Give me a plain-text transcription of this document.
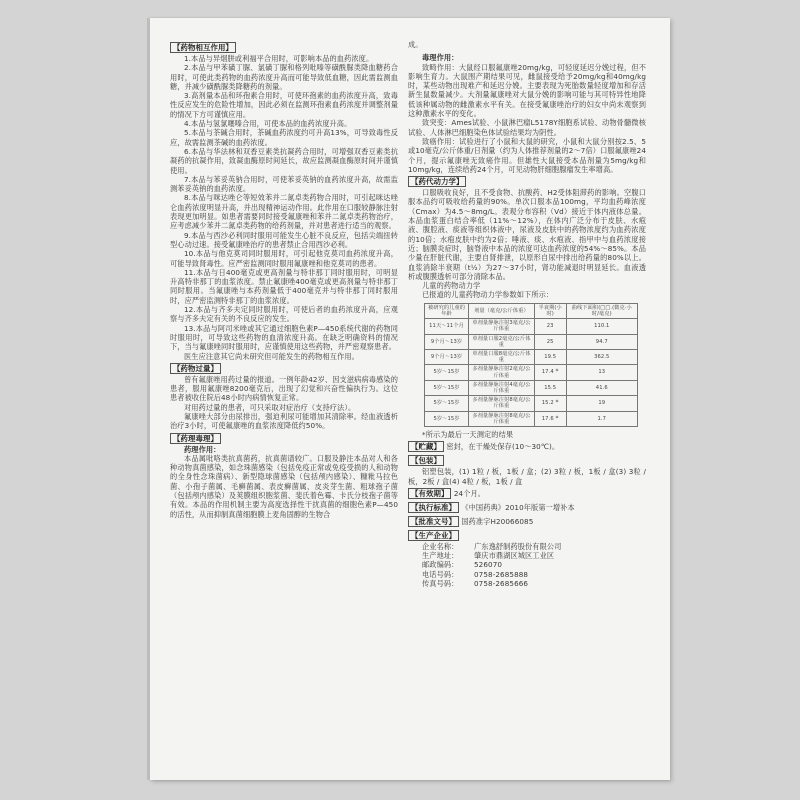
【药物相互作用】

1.本品与异烟肼或利福平合用时，可影响本品的血药浓度。

2.本品与甲苯磺丁脲、氯磺丁脲和格列吡嗪等磺酰脲类降血糖药合用时，可使此类药物的血药浓度升高而可能导致低血糖，因此需监测血糖，并减少磺酰脲类降糖药的剂量。

3.高剂量本品和环孢素合用时，可使环孢素的血药浓度升高，致毒性反应发生的危险性增加，因此必须在监测环孢素血药浓度并调整剂量的情况下方可谨慎应用。

4.本品与氢氯噻嗪合用，可使本品的血药浓度升高。

5.本品与茶碱合用时，茶碱血药浓度约可升高13%，可导致毒性反应，故需监测茶碱的血药浓度。

6.本品与华法林和双香豆素类抗凝药合用时，可增强双香豆素类抗凝药的抗凝作用，致凝血酶原时间延长，故应监测凝血酶原时间并谨慎使用。

7.本品与苯妥英钠合用时，可使苯妥英钠的血药浓度升高，故需监测苯妥英钠的血药浓度。

8.本品与咪达唑仑等短效苯并二氮卓类药物合用时，可引起咪达唑仑血药浓度明显升高，并出现精神运动作用。此作用在口服较静脉注射表现更加明显。如患者需要同时接受氟康唑和苯并二氮卓类药物治疗，应考虑减少苯并二氮卓类药物的给药剂量，并对患者进行适当的观察。

9.本品与西沙必利同时服用可能发生心脏不良反应，包括尖端扭转型心动过速。接受氟康唑治疗的患者禁止合用西沙必利。

10.本品与他克莫司同时服用时，可引起他克莫司血药浓度升高，可能导致肾毒性。应严密监测同时服用氟康唑和他克莫司的患者。

11.本品与日400毫克或更高剂量与特非那丁同时服用时，可明显升高特非那丁的血浆浓度。禁止氟康唑400毫克或更高剂量与特非那丁同时服用。当氟康唑与本药剂量低于400毫克并与特非那丁同时服用时，应严密监测特非那丁的血浆浓度。

12.本品与齐多夫定同时服用时，可使后者的血药浓度升高，应观察与齐多夫定有关的不良反应的发生。

13.本品与阿司米唑或其它通过细胞色素P—450系统代谢的药物同时服用时，可导致这些药物的血清浓度升高。在缺乏明确资料的情况下，当与氟康唑同时服用时，应谨慎使用这些药物，并严密观察患者。

医生应注意其它尚未研究但可能发生的药物相互作用。

【药物过量】

曾有氟康唑用药过量的报道。一例年龄42岁、因支滋病病毒感染的患者，服用氟康唑8200毫克后，出现了幻觉和兴奋性偏执行为。这位患者被收住院后48小时内病情恢复正常。

对用药过量的患者，可只采取对症治疗（支持疗法）。

氟康唑大部分由尿排出，强迫利尿可能增加其清除率。经血液透析治疗3小时，可使氟康唑的血浆浓度降低约50%。

【药理毒理】
药理作用：

本品属吡咯类抗真菌药，抗真菌谱较广。口服及静注本品对人和各种动物真菌感染，如念珠菌感染（包括免疫正常或免疫受损的人和动物的全身性念珠菌病）、新型隐球菌感染（包括颅内感染）、糠粃马拉色菌、小孢子菌属、毛癣菌属、表皮癣菌属、皮炎芽生菌、粗球孢子菌（包括颅内感染）及荚膜组织胞浆菌、斐氏着色霉、卡氏分枝孢子菌等有效。本品的作用机制主要为高度选择性干扰真菌的细胞色素P—450的活性，从而抑制真菌细胞膜上麦角固醇的生物合

成。

毒理作用：

致畸作用：大鼠经口服氟康唑20mg/kg，可轻度延迟分娩过程，但不影响生育力。大鼠围产期结果可见，雌鼠接受给予20mg/kg和40mg/kg时，某些动物出现难产和延迟分娩。主要表现为死胎数量轻度增加和存活新生鼠数量减少。大剂量氟康唑对大鼠分娩的影响可能与其可特异性地降低该种属动物的雌激素水平有关。在接受氟康唑治疗的妇女中尚未观察到这种激素水平的变化。

致突变：Ames试验、小鼠淋巴瘤L5178Y细胞系试验、动物骨髓微核试验、人体淋巴细胞染色体试验结果均为阴性。

致癌作用：试验进行了小鼠和大鼠的研究，小鼠和大鼠分别按2.5、5或10毫克/公斤体重/日剂量（约为人体推荐剂量的2～7倍）口服氟康唑24个月，提示氟康唑无致癌作用。但雄性大鼠接受本品剂量为5mg/kg和10mg/kg，连续给药24个月，可见动物肝细胞腺瘤发生率增高。

【药代动力学】

口服吸收良好，且不受食物、抗酸药、H2受体阻滞药的影响。空腹口服本品约可吸收给药量的90%。单次口服本品100mg，平均血药峰浓度（Cmax）为4.5～8mg/L。表观分布容积（Vd）接近于体内液体总量。本品血浆蛋白结合率低（11%～12%），在体内广泛分布于皮肤、水疱液、腹腔液、痰液等组织体液中，尿液及皮肤中的药物浓度约为血药浓度的10倍；水疱皮肤中约为2倍；唾液、痰、水疱液、指甲中与血药浓度接近；脑膜炎症时，脑脊液中本品的浓度可达血药浓度的54%～85%。本品少量在肝脏代谢，主要自肾排泄，以原形自尿中排出给药量的80%以上。血浆消除半衰期（t½）为27～37小时，肾功能减退时明显延长。血液透析或腹膜透析可部分清除本品。

儿童的药物动力学

已报道的儿童药物动力学参数如下所示：

被研究的儿童的年龄	剂量（毫克/公斤体重）	半衰期(小时)	曲线下面积(□□.(微克·小时/毫克)
11天～11个月	单剂量静脉注射3毫克/公斤体重	23	110.1
9个月～13岁	单剂量口服2毫克/公斤体重	25	94.7
9个月～13岁	单剂量口服8毫克/公斤体重	19.5	362.5
5岁～15岁	多剂量静脉注射2毫克/公斤体重	17.4 *	13
5岁～15岁	多剂量静脉注射4毫克/公斤体重	15.5	41.6
5岁～15岁	多剂量静脉注射8毫克/公斤体重	15.2 *	19
5岁～15岁	多剂量静脉注射8毫克/公斤体重	17.6 *	1.7

*所示为最后一天测定的结果

【贮藏】 密封，在干燥处保存(10～30℃)。
【包装】

铝塑包装，(1) 1粒 / 板，1板 / 盒；(2) 3粒 / 板，1板 / 盒(3) 3粒 / 板，2板 / 盒(4) 4粒 / 板，1板 / 盒

【有效期】 24个月。
【执行标准】 《中国药典》2010年版第一增补本
【批准文号】 国药准字H20066085
【生产企业】
企业名称：	广东逸舒制药股份有限公司
生产地址：	肇庆市鼎湖区城区工业区
邮政编码：	526070
电话号码：	0758-2685888
传真号码：	0758-2685666
